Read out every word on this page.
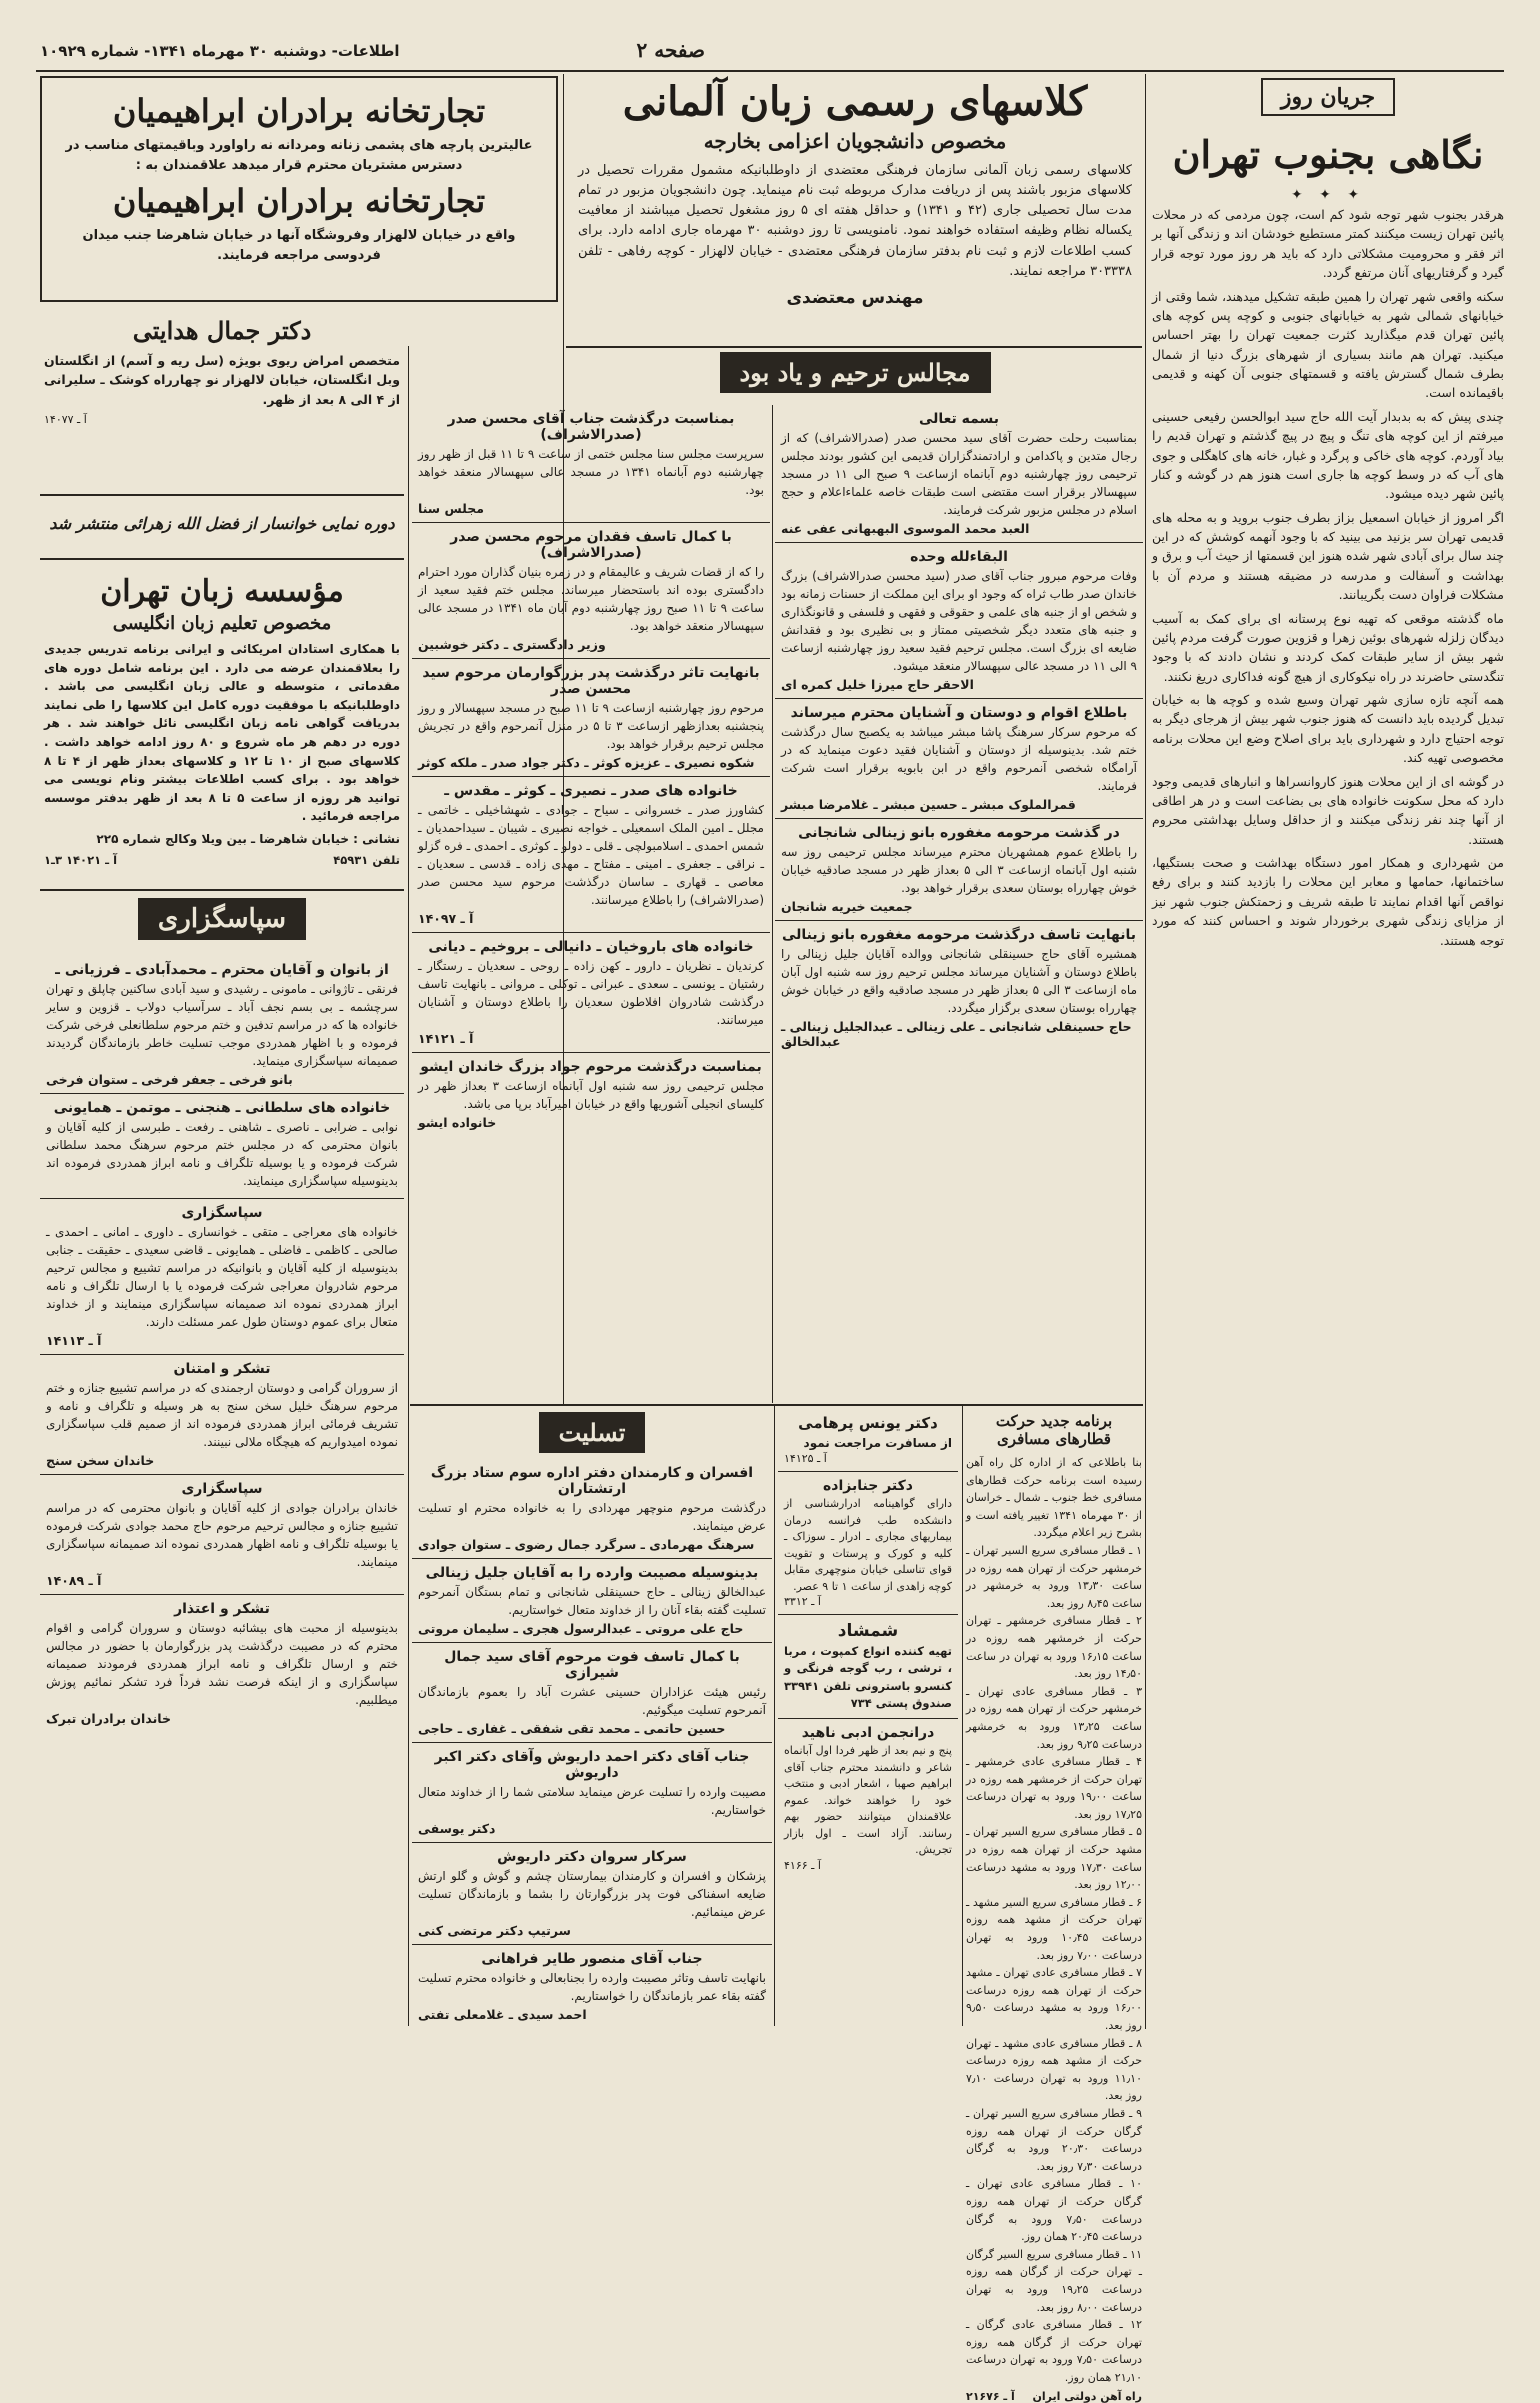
صفحه ۲
اطلاعات- دوشنبه ۳۰ مهرماه ۱۳۴۱- شماره ۱۰۹۲۹
جریان روز
نگاهی بجنوب تهران
✦ ✦ ✦

هرقدر بجنوب شهر توجه شود کم است، چون مردمی که در محلات پائین تهران زیست میکنند کمتر مستطیع خودشان اند و زندگی آنها بر اثر فقر و محرومیت مشکلاتی دارد که باید هر روز مورد توجه قرار گیرد و گرفتاریهای آنان مرتفع گردد.

سکنه واقعی شهر تهران را همین طبقه تشکیل میدهند، شما وقتی از خیابانهای شمالی شهر به خیابانهای جنوبی و کوچه پس کوچه های پائین تهران قدم میگذارید کثرت جمعیت تهران را بهتر احساس میکنید. تهران هم مانند بسیاری از شهرهای بزرگ دنیا از شمال بطرف شمال گسترش یافته و قسمتهای جنوبی آن کهنه و قدیمی باقیمانده است.

چندی پیش که به بدبدار آیت الله حاج سید ابوالحسن رفیعی حسینی میرفتم از این کوچه های تنگ و پیچ در پیچ گذشتم و تهران قدیم را بیاد آوردم. کوچه های خاکی و پرگرد و غبار، خانه های کاهگلی و جوی های آب که در وسط کوچه ها جاری است هنوز هم در گوشه و کنار پائین شهر دیده میشود.

اگر امروز از خیابان اسمعیل بزاز بطرف جنوب بروید و به محله های قدیمی تهران سر بزنید می بینید که با وجود آنهمه کوشش که در این چند سال برای آبادی شهر شده هنوز این قسمتها از حیث آب و برق و بهداشت و آسفالت و مدرسه در مضیقه هستند و مردم آن با مشکلات فراوان دست بگریبانند.

ماه گذشته موقعی که تهیه نوع پرستانه ای برای کمک به آسیب دیدگان زلزله شهرهای بوئین زهرا و قزوین صورت گرفت مردم پائین شهر بیش از سایر طبقات کمک کردند و نشان دادند که با وجود تنگدستی حاضرند در راه نیکوکاری از هیچ گونه فداکاری دریغ نکنند.

همه آنچه تازه سازی شهر تهران وسیع شده و کوچه ها به خیابان تبدیل گردیده باید دانست که هنوز جنوب شهر بیش از هرجای دیگر به توجه احتیاج دارد و شهرداری باید برای اصلاح وضع این محلات برنامه مخصوصی تهیه کند.

در گوشه ای از این محلات هنوز کاروانسراها و انبارهای قدیمی وجود دارد که محل سکونت خانواده های بی بضاعت است و در هر اطاقی از آنها چند نفر زندگی میکنند و از حداقل وسایل بهداشتی محروم هستند.

من شهرداری و همکار امور دستگاه بهداشت و صحت بستگیها، ساختمانها، حمامها و معابر این محلات را بازدید کنند و برای رفع نواقص آنها اقدام نمایند تا طبقه شریف و زحمتکش جنوب شهر نیز از مزایای زندگی شهری برخوردار شوند و احساس کنند که مورد توجه هستند.

کلاسهای رسمی زبان آلمانی
مخصوص دانشجویان اعزامی بخارجه

کلاسهای رسمی زبان آلمانی سازمان فرهنگی معتضدی از داوطلبانیکه مشمول مقررات تحصیل در کلاسهای مزبور باشند پس از دریافت مدارک مربوطه ثبت نام مینماید. چون دانشجویان مزبور در تمام مدت سال تحصیلی جاری (۴۲ و ۱۳۴۱) و حداقل هفته ای ۵ روز مشغول تحصیل میباشند از معافیت یکساله نظام وظیفه استفاده خواهند نمود. نامنویسی تا روز دوشنبه ۳۰ مهرماه جاری ادامه دارد. برای کسب اطلاعات لازم و ثبت نام بدفتر سازمان فرهنگی معتضدی - خیابان لالهزار - کوچه رفاهی - تلفن ۳۰۳۳۳۸ مراجعه نمایند.

مهندس معتضدی
تجارتخانه برادران ابراهیمیان

عالیترین پارچه های پشمی زنانه ومردانه نه راواورد وباقیمتهای مناسب در دسترس مشتریان محترم قرار میدهد علاقمندان به :

تجارتخانه برادران ابراهیمیان

واقع در خیابان لالهزار وفروشگاه آنها در خیابان شاهرضا جنب میدان فردوسی مراجعه فرمایند.

مجالس ترحیم و یاد بود
بسمه تعالی

بمناسبت رحلت حضرت آقای سید محسن صدر (صدرالاشراف) که از رجال متدین و پاکدامن و ارادتمندگزاران قدیمی این کشور بودند مجلس ترحیمی روز چهارشنبه دوم آبانماه ازساعت ۹ صبح الی ۱۱ در مسجد سپهسالار برقرار است مقتضی است طبقات خاصه علماءاعلام و حجج اسلام در مجلس مزبور شرکت فرمایند.

العبد محمد الموسوی البهبهانی عفی عنه
البقاءلله وحده

وفات مرحوم مبرور جناب آقای صدر (سید محسن صدرالاشراف) بزرگ خاندان صدر طاب ثراه که وجود او برای این مملکت از حسنات زمانه بود و شخص او از جنبه های علمی و حقوقی و فقهی و فلسفی و قانونگذاری و جنبه های متعدد دیگر شخصیتی ممتاز و بی نظیری بود و فقدانش ضایعه ای بزرگ است. مجلس ترحیم فقید سعید روز چهارشنبه ازساعت ۹ الی ۱۱ در مسجد عالی سپهسالار منعقد میشود.

الاحقر حاج میرزا خلیل کمره ای
باطلاع اقوام و دوستان و آشنایان محترم میرساند

که مرحوم سرکار سرهنگ پاشا مبشر میباشد به یکصبح سال درگذشت ختم شد. بدینوسیله از دوستان و آشنایان فقید دعوت مینماید که در آرامگاه شخصی آنمرحوم واقع در ابن بابویه برقرار است شرکت فرمایند.

قمرالملوک مبشر ـ حسین مبشر ـ غلامرضا مبشر
در گذشت مرحومه مغفوره بانو زینالی شانجانی

را باطلاع عموم همشهریان محترم میرساند مجلس ترحیمی روز سه شنبه اول آبانماه ازساعت ۳ الی ۵ بعداز ظهر در مسجد صادقیه خیابان خوش چهارراه بوستان سعدی برقرار خواهد بود.

جمعیت خیریه شانجان
بانهایت تاسف درگذشت مرحومه مغفوره بانو زینالی

همشیره آقای حاج حسینقلی شانجانی ووالده آقایان جلیل زینالی را باطلاع دوستان و آشنایان میرساند مجلس ترحیم روز سه شنبه اول آبان ماه ازساعت ۳ الی ۵ بعداز ظهر در مسجد صادقیه واقع در خیابان خوش چهارراه بوستان سعدی برگزار میگردد.

حاج حسینقلی شانجانی ـ علی زینالی ـ عبدالجلیل زینالی ـ عبدالخالق
بمناسبت درگذشت جناب آقای محسن صدر (صدرالاشراف)

سرپرست مجلس سنا مجلس ختمی از ساعت ۹ تا ۱۱ قبل از ظهر روز چهارشنبه دوم آبانماه ۱۳۴۱ در مسجد عالی سپهسالار منعقد خواهد بود.

مجلس سنا
با کمال تاسف فقدان مرحوم محسن صدر (صدرالاشراف)

را که از قضات شریف و عالیمقام و در زمره بنیان گذاران مورد احترام دادگستری بوده اند باستحضار میرساند. مجلس ختم فقید سعید از ساعت ۹ تا ۱۱ صبح روز چهارشنبه دوم آبان ماه ۱۳۴۱ در مسجد عالی سپهسالار منعقد خواهد بود.

وزیر دادگستری ـ دکتر خوشبین
بانهایت تاثر درگذشت پدر بزرگوارمان مرحوم سید محسن صدر

مرحوم روز چهارشنبه ازساعت ۹ تا ۱۱ صبح در مسجد سپهسالار و روز پنجشنبه بعدازظهر ازساعت ۳ تا ۵ در منزل آنمرحوم واقع در تجریش مجلس ترحیم برقرار خواهد بود.

شکوه نصیری ـ عزیزه کوثر ـ دکتر جواد صدر ـ ملکه کوثر
خانواده های صدر ـ نصیری ـ کوثر ـ مقدس ـ

کشاورز صدر ـ خسروانی ـ سیاح ـ جوادی ـ شهشاخیلی ـ خاتمی ـ مجلل ـ امین الملک اسمعیلی ـ خواجه نصیری ـ شیبان ـ سیداحمدیان ـ شمس احمدی ـ اسلامبولچی ـ قلی ـ دولو ـ کوثری ـ احمدی ـ فره گزلو ـ نراقی ـ جعفری ـ امینی ـ مفتاح ـ مهدی زاده ـ قدسی ـ سعدیان ـ معاصی ـ قهاری ـ ساسان درگذشت مرحوم سید محسن صدر (صدرالاشراف) را باطلاع میرسانند.

آ ـ ۱۴۰۹۷
خانواده های باروخیان ـ دانیالی ـ بروخیم ـ دیانی

کرندیان ـ نظریان ـ دارور ـ کهن زاده ـ روحی ـ سعدیان ـ رستگار ـ رشتیان ـ یونسی ـ سعدی ـ عبرانی ـ توکلی ـ مروانی ـ بانهایت تاسف درگذشت شادروان افلاطون سعدیان را باطلاع دوستان و آشنایان میرسانند.

آ ـ ۱۴۱۲۱
بمناسبت درگذشت مرحوم جواد بزرگ خاندان ایشو

مجلس ترحیمی روز سه شنبه اول آبانماه ازساعت ۳ بعداز ظهر در کلیسای انجیلی آشوریها واقع در خیابان امیرآباد برپا می باشد.

خانواده ایشو
دکتر جمال هدایتی

متخصص امراض ریوی بویژه (سل ریه و آسم) از انگلستان وبل انگلستان، خیابان لالهزار نو چهارراه کوشک ـ سلیرانی از ۴ الی ۸ بعد از ظهر.

آ ـ ۱۴۰۷۷
دوره نمایی خوانسار از فضل الله زهرائی منتشر شد
مؤسسه زبان تهران
مخصوص تعلیم زبان انگلیسی

با همکاری استادان امریکائی و ایرانی برنامه تدریس جدیدی را بعلاقمندان عرضه می دارد . این برنامه شامل دوره های مقدماتی ، متوسطه و عالی زبان انگلیسی می باشد . داوطلبانیکه با موفقیت دوره کامل این کلاسها را طی نمایند بدریافت گواهی نامه زبان انگلیسی نائل خواهند شد . هر دوره در دهم هر ماه شروع و ۸۰ روز ادامه خواهد داشت . کلاسهای صبح از ۱۰ تا ۱۲ و کلاسهای بعداز ظهر از ۴ تا ۸ خواهد بود . برای کسب اطلاعات بیشتر ونام نویسی می توانید هر روزه از ساعت ۵ تا ۸ بعد از ظهر بدفتر موسسه مراجعه فرمائید .

نشانی : خیابان شاهرضا ـ بین ویلا وکالج شماره ۲۲۵

تلفن ۴۵۹۳۱
آ ـ ۱۴۰۲۱ ۳ـ۱
سپاسگزاری
از بانوان و آقایان محترم ـ محمدآبادی ـ فرزیانی ـ

فرنقی ـ تاژوانی ـ مامونی ـ رشیدی و سید آبادی ساکنین چاپلق و تهران سرچشمه ـ بی بسم نجف آباد ـ سرآسیاب دولاب ـ قزوین و سایر خانواده ها که در مراسم تدفین و ختم مرحوم سلطانعلی فرخی شرکت فرموده و با اظهار همدردی موجب تسلیت خاطر بازماندگان گردیدند صمیمانه سپاسگزاری مینماید.

بانو فرخی ـ جعفر فرخی ـ ستوان فرخی
خانواده های سلطانی ـ هنجنی ـ موتمن ـ همایونی

نوابی ـ ضرابی ـ ناصری ـ شاهنی ـ رفعت ـ طبرسی از کلیه آقایان و بانوان محترمی که در مجلس ختم مرحوم سرهنگ محمد سلطانی شرکت فرموده و یا بوسیله تلگراف و نامه ابراز همدردی فرموده اند بدینوسیله سپاسگزاری مینمایند.

سپاسگزاری

خانواده های معراجی ـ متقی ـ خوانساری ـ داوری ـ امانی ـ احمدی ـ صالحی ـ کاظمی ـ فاضلی ـ همایونی ـ قاضی سعیدی ـ حقیقت ـ جنابی بدینوسیله از کلیه آقایان و بانوانیکه در مراسم تشییع و مجالس ترحیم مرحوم شادروان معراجی شرکت فرموده یا با ارسال تلگراف و نامه ابراز همدردی نموده اند صمیمانه سپاسگزاری مینمایند و از خداوند متعال برای عموم دوستان طول عمر مسئلت دارند.

آ ـ ۱۴۱۱۳
تشکر و امتنان

از سروران گرامی و دوستان ارجمندی که در مراسم تشییع جنازه و ختم مرحوم سرهنگ خلیل سخن سنج به هر وسیله و تلگراف و نامه و تشریف فرمائی ابراز همدردی فرموده اند از صمیم قلب سپاسگزاری نموده امیدواریم که هیچگاه ملالی نبینند.

خاندان سخن سنج
سپاسگزاری

خاندان برادران جوادی از کلیه آقایان و بانوان محترمی که در مراسم تشییع جنازه و مجالس ترحیم مرحوم حاج محمد جوادی شرکت فرموده یا بوسیله تلگراف و نامه اظهار همدردی نموده اند صمیمانه سپاسگزاری مینمایند.

آ ـ ۱۴۰۸۹
تشکر و اعتذار

بدینوسیله از محبت های بیشائبه دوستان و سروران گرامی و اقوام محترم که در مصیبت درگذشت پدر بزرگوارمان با حضور در مجالس ختم و ارسال تلگراف و نامه ابراز همدردی فرمودند صمیمانه سپاسگزاری و از اینکه فرصت نشد فرداً فرد تشکر نمائیم پوزش میطلبیم.

خاندان برادران تبرک
تسلیت
افسران و کارمندان دفتر اداره سوم ستاد بزرگ ارتشتاران

درگذشت مرحوم منوچهر مهردادی را به خانواده محترم او تسلیت عرض مینمایند.

سرهنگ مهرمادی ـ سرگرد جمال رضوی ـ ستوان جوادی
بدینوسیله مصیبت وارده را به آقایان جلیل زینالی

عبدالخالق زینالی ـ حاج حسینقلی شانجانی و تمام بستگان آنمرحوم تسلیت گفته بقاء آنان را از خداوند متعال خواستاریم.

حاج علی مروتی ـ عبدالرسول هجری ـ سلیمان مروتی
با کمال تاسف فوت مرحوم آقای سید جمال شیرازی

رئیس هیئت عزاداران حسینی عشرت آباد را بعموم بازماندگان آنمرحوم تسلیت میگوئیم.

حسین حاتمی ـ محمد تقی شفقی ـ غفاری ـ حاجی
جناب آقای دکتر احمد داریوش وآقای دکتر اکبر داریوش

مصیبت وارده را تسلیت عرض مینماید سلامتی شما را از خداوند متعال خواستاریم.

دکتر یوسفی
سرکار سروان دکتر داریوش

پزشکان و افسران و کارمندان بیمارستان چشم و گوش و گلو ارتش ضایعه اسفناکی فوت پدر بزرگوارتان را بشما و بازماندگان تسلیت عرض مینمائیم.

سرتیپ دکتر مرتضی کنی
جناب آقای منصور طایر فراهانی

بانهایت تاسف وتاثر مصیبت وارده را بجنابعالی و خانواده محترم تسلیت گفته بقاء عمر بازماندگان را خواستاریم.

احمد سیدی ـ غلامعلی تفتی
دکتر یونس پرهامی

از مسافرت مراجعت نمود

آ ـ ۱۴۱۲۵
دکتر جنابزاده

دارای گواهینامه ادرارشناسی از دانشکده طب فرانسه درمان بیماریهای مجاری ـ ادرار ـ سوزاک ـ کلیه و کورک و پرستات و تقویت قوای تناسلی خیابان منوچهری مقابل کوچه زاهدی از ساعت ۱ تا ۹ عصر.

آ ـ ۳۳۱۲
شمشاد

تهیه کننده انواع کمپوت ، مربا ، ترشی ، رب گوجه فرنگی و کنسرو باسترونی تلفن ۳۳۹۴۱ صندوق پستی ۷۳۴

درانجمن ادبی ناهید

پنج و نیم بعد از ظهر فردا اول آبانماه شاعر و دانشمند محترم جناب آقای ابراهیم صهبا ، اشعار ادبی و منتخب خود را خواهند خواند. عموم علاقمندان میتوانند حضور بهم رسانند. آزاد است ـ اول بازار تجریش.

آ ـ ۴۱۶۶
برنامه جدید حرکت قطارهای مسافری

بنا باطلاعی که از اداره کل راه آهن رسیده است برنامه حرکت قطارهای مسافری خط جنوب ـ شمال ـ خراسان از ۳۰ مهرماه ۱۳۴۱ تغییر یافته است و بشرح زیر اعلام میگردد.

۱ ـ قطار مسافری سریع السیر تهران ـ خرمشهر حرکت از تهران همه روزه در ساعت ۱۳٫۳۰ ورود به خرمشهر در ساعت ۸٫۴۵ روز بعد.

۲ ـ قطار مسافری خرمشهر ـ تهران حرکت از خرمشهر همه روزه در ساعت ۱۶٫۱۵ ورود به تهران در ساعت ۱۴٫۵۰ روز بعد.

۳ ـ قطار مسافری عادی تهران ـ خرمشهر حرکت از تهران همه روزه در ساعت ۱۳٫۲۵ ورود به خرمشهر درساعت ۹٫۲۵ روز بعد.

۴ ـ قطار مسافری عادی خرمشهر ـ تهران حرکت از خرمشهر همه روزه در ساعت ۱۹٫۰۰ ورود به تهران درساعت ۱۷٫۲۵ روز بعد.

۵ ـ قطار مسافری سریع السیر تهران ـ مشهد حرکت از تهران همه روزه در ساعت ۱۷٫۳۰ ورود به مشهد درساعت ۱۲٫۰۰ روز بعد.

۶ ـ قطار مسافری سریع السیر مشهد ـ تهران حرکت از مشهد همه روزه درساعت ۱۰٫۴۵ ورود به تهران درساعت ۷٫۰۰ روز بعد.

۷ ـ قطار مسافری عادی تهران ـ مشهد حرکت از تهران همه روزه درساعت ۱۶٫۰۰ ورود به مشهد درساعت ۹٫۵۰ روز بعد.

۸ ـ قطار مسافری عادی مشهد ـ تهران حرکت از مشهد همه روزه درساعت ۱۱٫۱۰ ورود به تهران درساعت ۷٫۱۰ روز بعد.

۹ ـ قطار مسافری سریع السیر تهران ـ گرگان حرکت از تهران همه روزه درساعت ۲۰٫۳۰ ورود به گرگان درساعت ۷٫۳۰ روز بعد.

۱۰ ـ قطار مسافری عادی تهران ـ گرگان حرکت از تهران همه روزه درساعت ۷٫۵۰ ورود به گرگان درساعت ۲۰٫۴۵ همان روز.

۱۱ ـ قطار مسافری سریع السیر گرگان ـ تهران حرکت از گرگان همه روزه درساعت ۱۹٫۲۵ ورود به تهران درساعت ۸٫۰۰ روز بعد.

۱۲ ـ قطار مسافری عادی گرگان ـ تهران حرکت از گرگان همه روزه درساعت ۷٫۵۰ ورود به تهران درساعت ۲۱٫۱۰ همان روز.

راه آهن دولتی ایران
آ ـ ۲۱۶۷۶
